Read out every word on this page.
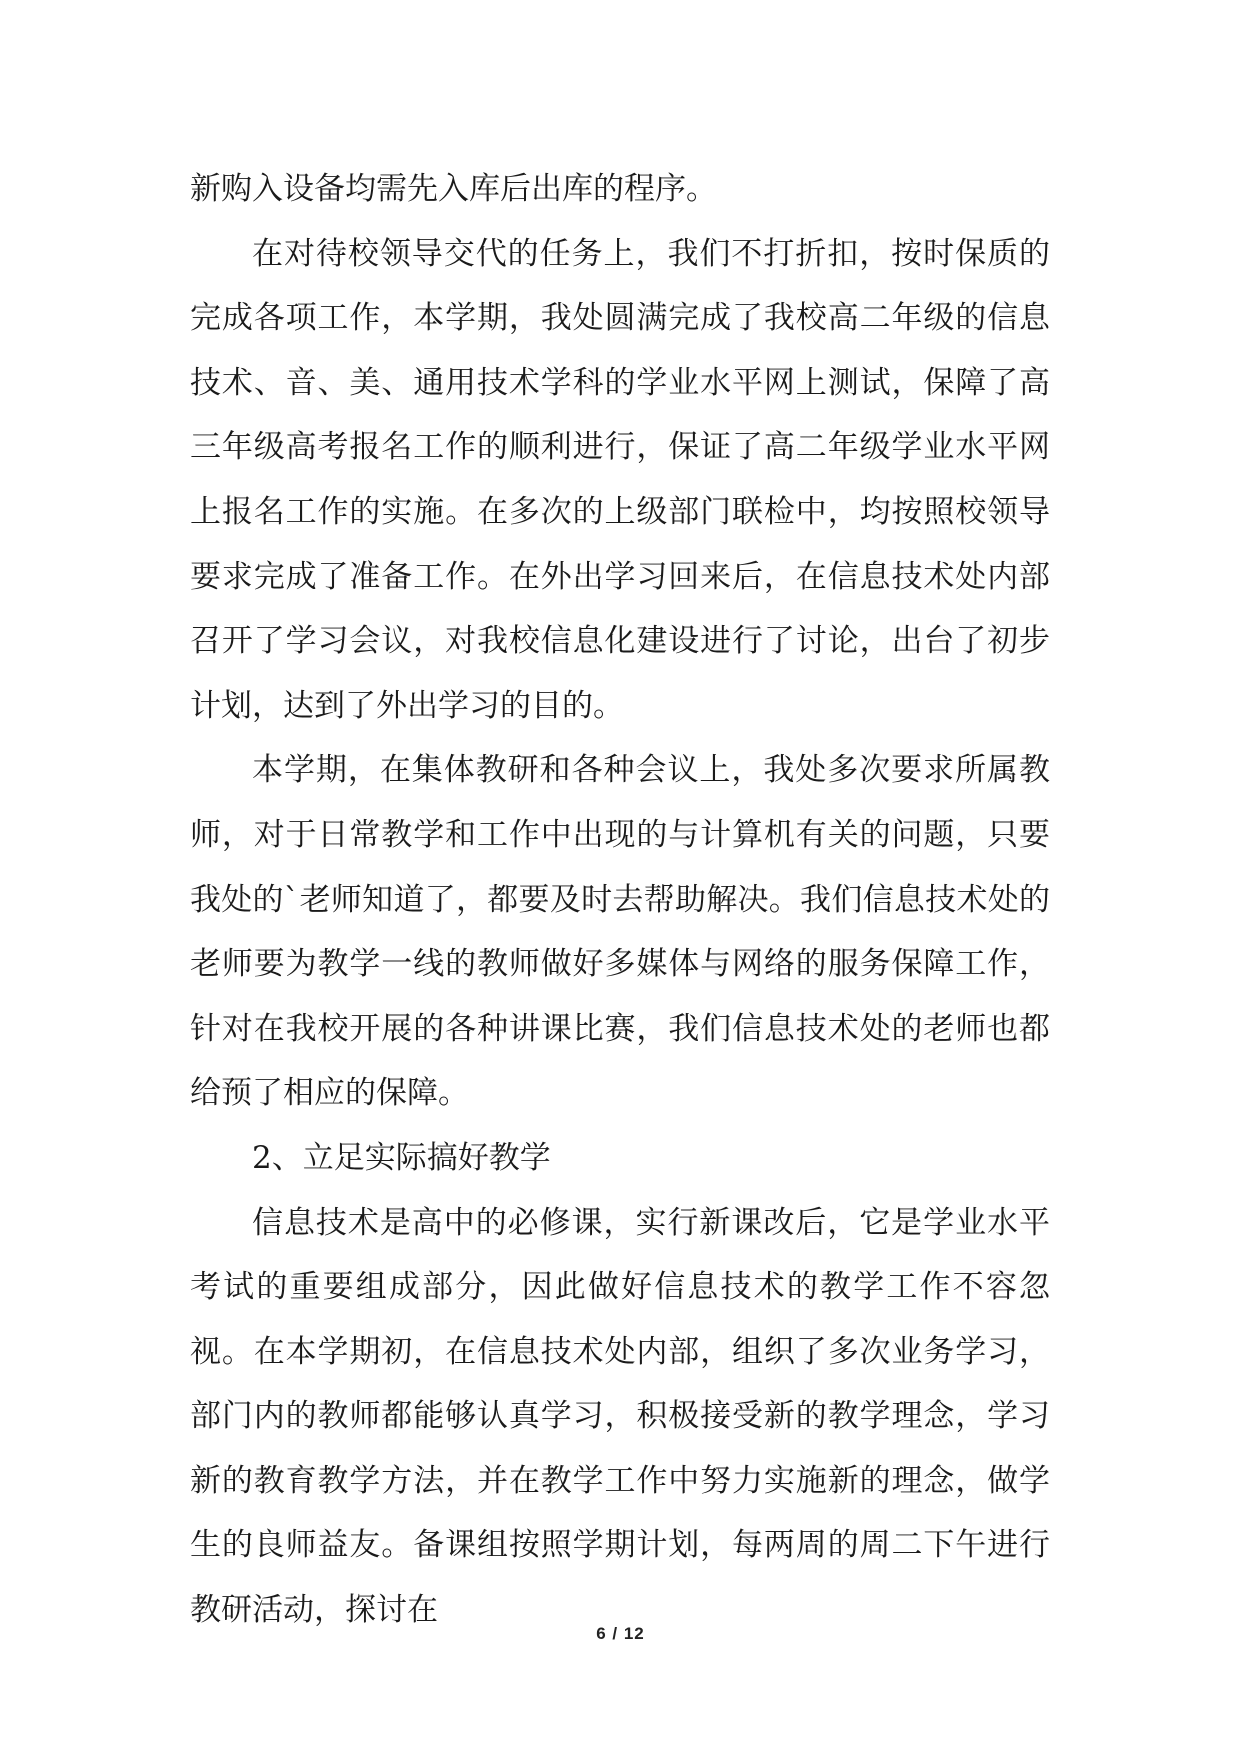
新购入设备均需先入库后出库的程序。

在对待校领导交代的任务上，我们不打折扣，按时保质的完成各项工作，本学期，我处圆满完成了我校高二年级的信息技术、音、美、通用技术学科的学业水平网上测试，保障了高三年级高考报名工作的顺利进行，保证了高二年级学业水平网上报名工作的实施。在多次的上级部门联检中，均按照校领导要求完成了准备工作。在外出学习回来后，在信息技术处内部召开了学习会议，对我校信息化建设进行了讨论，出台了初步计划，达到了外出学习的目的。

本学期，在集体教研和各种会议上，我处多次要求所属教师，对于日常教学和工作中出现的与计算机有关的问题，只要我处的`老师知道了，都要及时去帮助解决。我们信息技术处的老师要为教学一线的教师做好多媒体与网络的服务保障工作，针对在我校开展的各种讲课比赛，我们信息技术处的老师也都给预了相应的保障。

2、立足实际搞好教学

信息技术是高中的必修课，实行新课改后，它是学业水平考试的重要组成部分，因此做好信息技术的教学工作不容忽视。在本学期初，在信息技术处内部，组织了多次业务学习，部门内的教师都能够认真学习，积极接受新的教学理念，学习新的教育教学方法，并在教学工作中努力实施新的理念，做学生的良师益友。备课组按照学期计划，每两周的周二下午进行教研活动，探讨在

6 / 12
